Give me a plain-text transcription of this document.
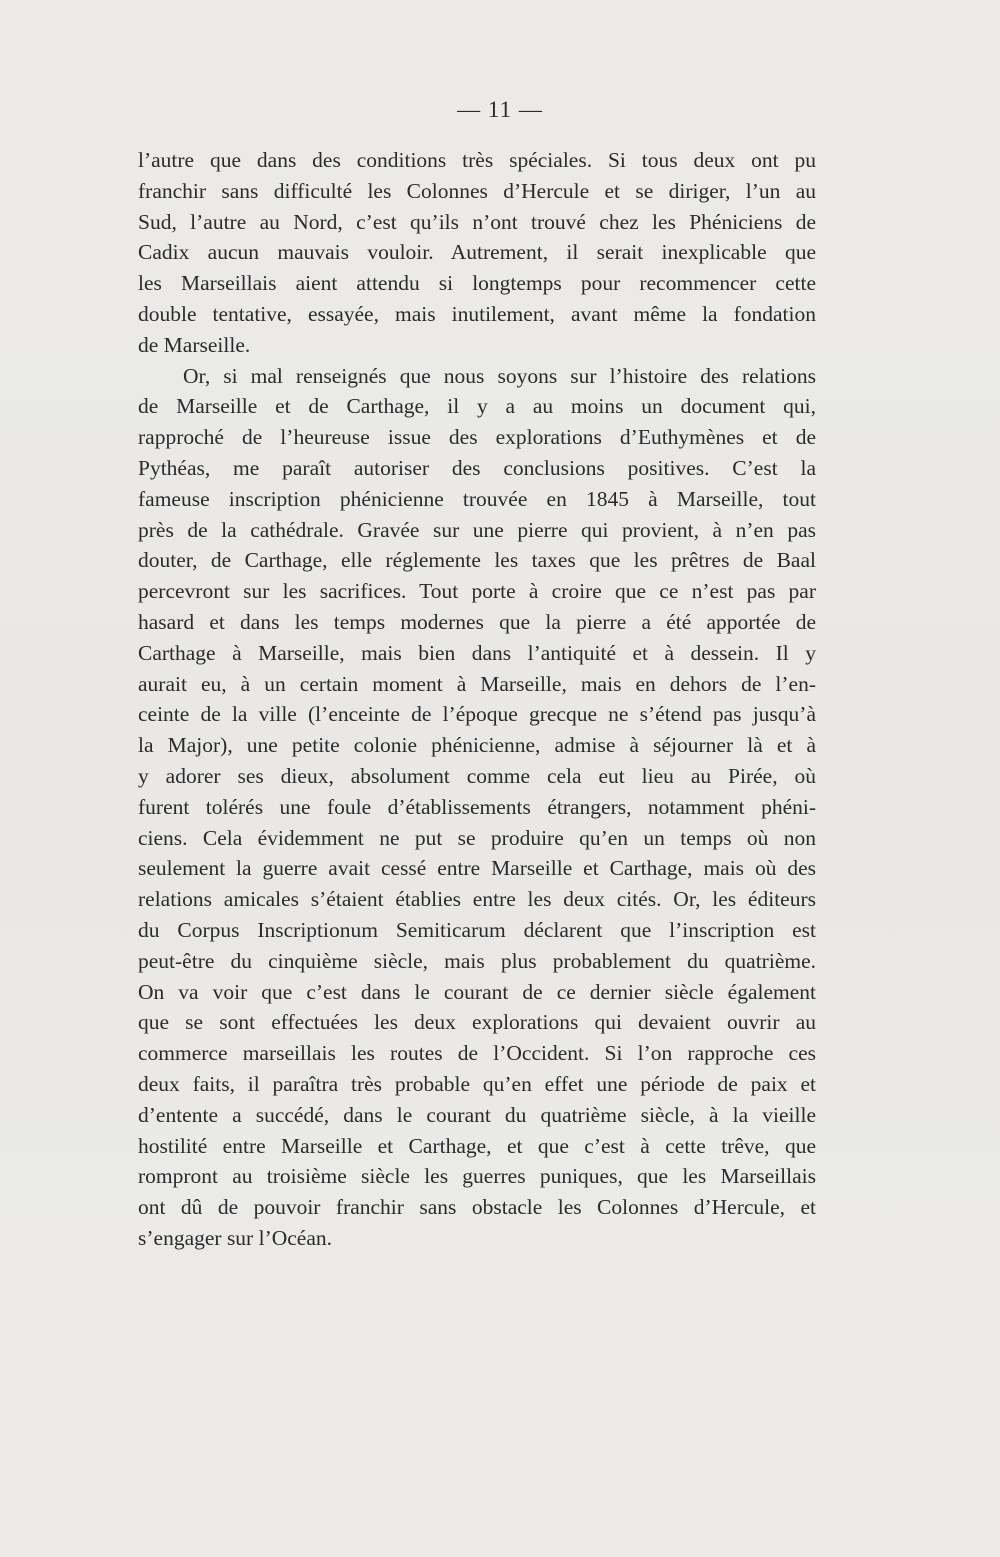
— 11 —
l’autre que dans des conditions très spéciales. Si tous deux ont pu
franchir sans difficulté les Colonnes d’Hercule et se diriger, l’un au
Sud, l’autre au Nord, c’est qu’ils n’ont trouvé chez les Phéniciens de
Cadix aucun mauvais vouloir. Autrement, il serait inexplicable que
les Marseillais aient attendu si longtemps pour recommencer cette
double tentative, essayée, mais inutilement, avant même la fondation
de Marseille.
Or, si mal renseignés que nous soyons sur l’histoire des relations
de Marseille et de Carthage, il y a au moins un document qui,
rapproché de l’heureuse issue des explorations d’Euthymènes et de
Pythéas, me paraît autoriser des conclusions positives. C’est la
fameuse inscription phénicienne trouvée en 1845 à Marseille, tout
près de la cathédrale. Gravée sur une pierre qui provient, à n’en pas
douter, de Carthage, elle réglemente les taxes que les prêtres de Baal
percevront sur les sacrifices. Tout porte à croire que ce n’est pas par
hasard et dans les temps modernes que la pierre a été apportée de
Carthage à Marseille, mais bien dans l’antiquité et à dessein. Il y
aurait eu, à un certain moment à Marseille, mais en dehors de l’en-
ceinte de la ville (l’enceinte de l’époque grecque ne s’étend pas jusqu’à
la Major), une petite colonie phénicienne, admise à séjourner là et à
y adorer ses dieux, absolument comme cela eut lieu au Pirée, où
furent tolérés une foule d’établissements étrangers, notamment phéni-
ciens. Cela évidemment ne put se produire qu’en un temps où non
seulement la guerre avait cessé entre Marseille et Carthage, mais où des
relations amicales s’étaient établies entre les deux cités. Or, les éditeurs
du Corpus Inscriptionum Semiticarum déclarent que l’inscription est
peut-être du cinquième siècle, mais plus probablement du quatrième.
On va voir que c’est dans le courant de ce dernier siècle également
que se sont effectuées les deux explorations qui devaient ouvrir au
commerce marseillais les routes de l’Occident. Si l’on rapproche ces
deux faits, il paraîtra très probable qu’en effet une période de paix et
d’entente a succédé, dans le courant du quatrième siècle, à la vieille
hostilité entre Marseille et Carthage, et que c’est à cette trêve, que
rompront au troisième siècle les guerres puniques, que les Marseillais
ont dû de pouvoir franchir sans obstacle les Colonnes d’Hercule, et
s’engager sur l’Océan.
